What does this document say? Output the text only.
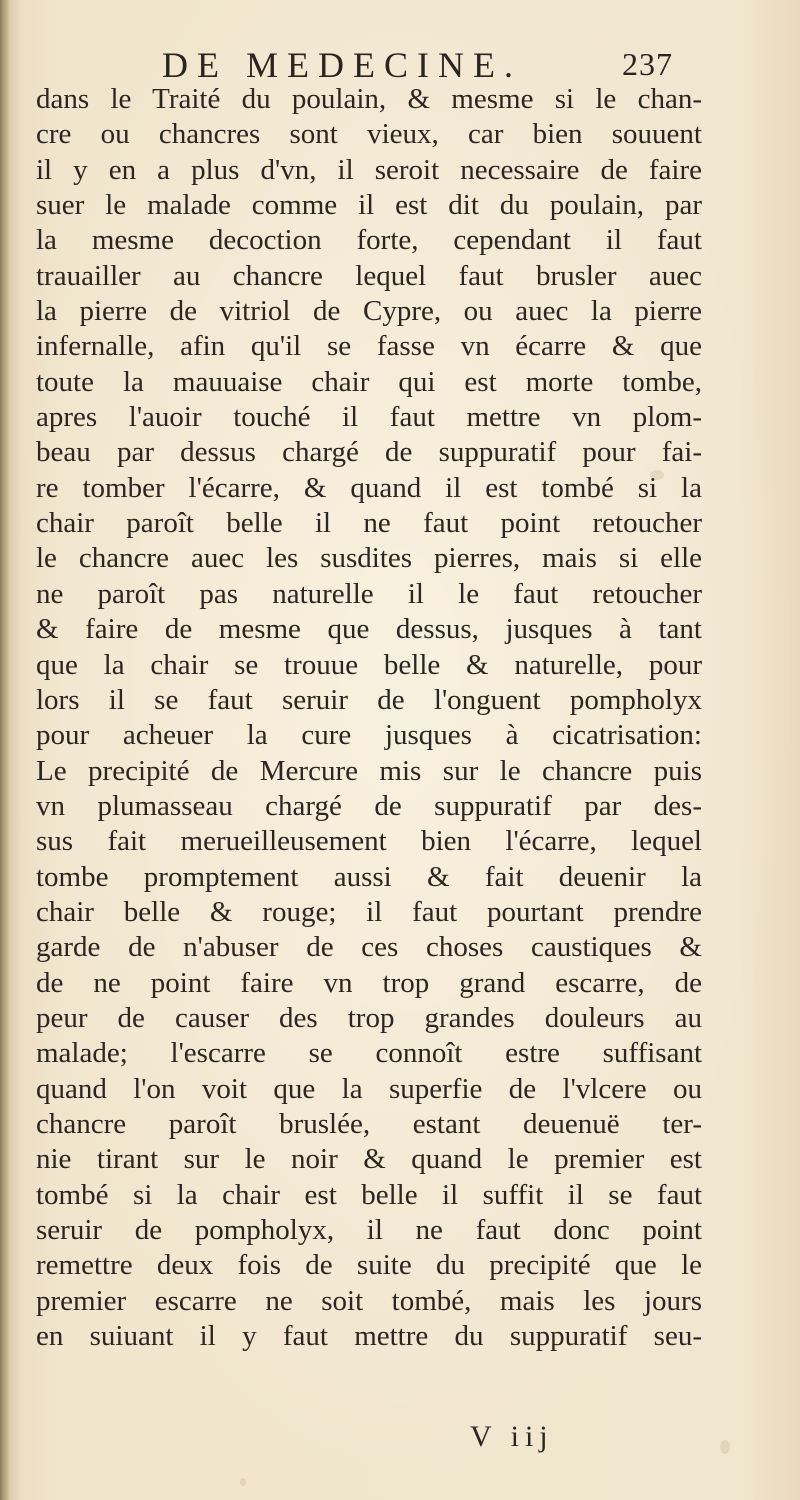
DE MEDECINE.	237
dans le Traité du poulain, & mesme si le chan-
cre ou chancres sont vieux, car bien souuent
il y en a plus d'vn, il seroit necessaire de faire
suer le malade comme il est dit du poulain, par
la mesme decoction forte, cependant il faut
trauailler au chancre lequel faut brusler auec
la pierre de vitriol de Cypre, ou auec la pierre
infernalle, afin qu'il se fasse vn écarre & que
toute la mauuaise chair qui est morte tombe,
apres l'auoir touché il faut mettre vn plom-
beau par dessus chargé de suppuratif pour fai-
re tomber l'écarre, & quand il est tombé si la
chair paroît belle il ne faut point retoucher
le chancre auec les susdites pierres, mais si elle
ne paroît pas naturelle il le faut retoucher
& faire de mesme que dessus, jusques à tant
que la chair se trouue belle & naturelle, pour
lors il se faut seruir de l'onguent pompholyx
pour acheuer la cure jusques à cicatrisation:
Le precipité de Mercure mis sur le chancre puis
vn plumasseau chargé de suppuratif par des-
sus fait merueilleusement bien l'écarre, lequel
tombe promptement aussi & fait deuenir la
chair belle & rouge; il faut pourtant prendre
garde de n'abuser de ces choses caustiques &
de ne point faire vn trop grand escarre, de
peur de causer des trop grandes douleurs au
malade; l'escarre se connoît estre suffisant
quand l'on voit que la superfie de l'vlcere ou
chancre paroît bruslée, estant deuenuë ter-
nie tirant sur le noir & quand le premier est
tombé si la chair est belle il suffit il se faut
seruir de pompholyx, il ne faut donc point
remettre deux fois de suite du precipité que le
premier escarre ne soit tombé, mais les jours
en suiuant il y faut mettre du suppuratif seu-
V iij
